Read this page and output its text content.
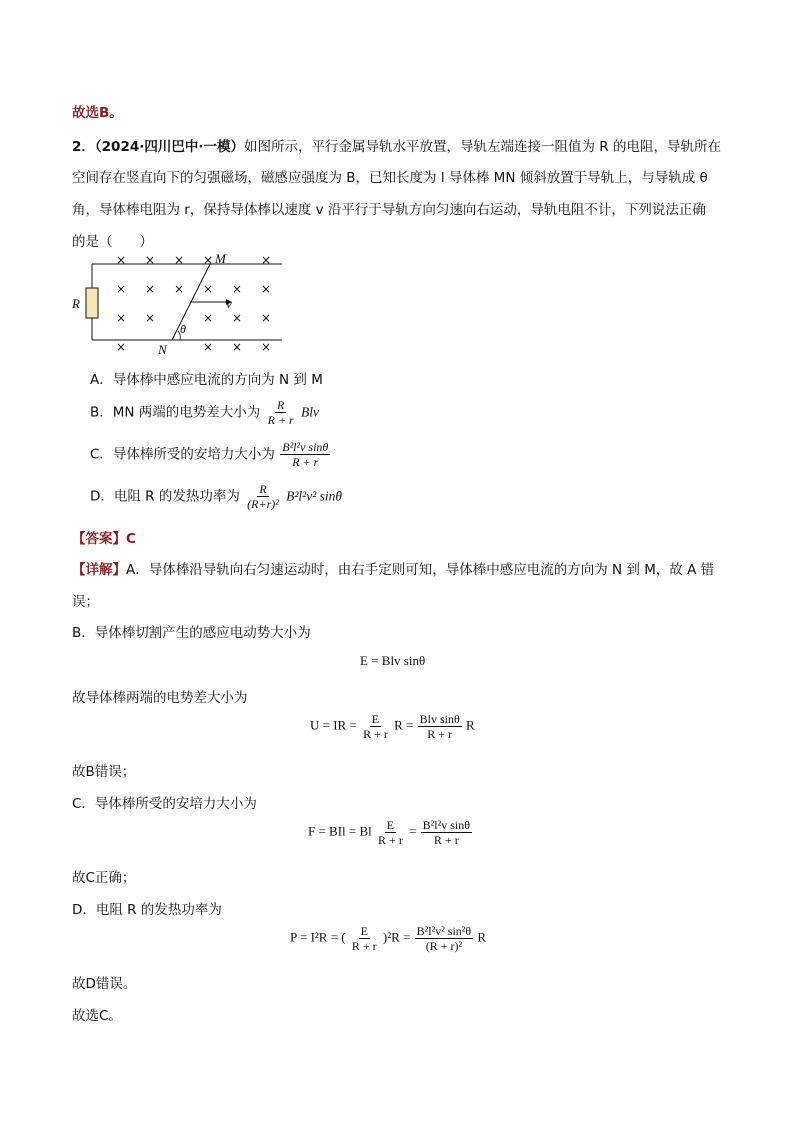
故选B。
2．（2024·四川巴中·一模）如图所示，平行金属导轨水平放置，导轨左端连接一阻值为 R 的电阻，导轨所在
空间存在竖直向下的匀强磁场，磁感应强度为 B，已知长度为 l 导体棒 MN 倾斜放置于导轨上，与导轨成 θ
角，导体棒电阻为 r，保持导体棒以速度 v 沿平行于导轨方向匀速向右运动，导轨电阻不计，下列说法正确
的是（　　）
R
M
N
v
θ
× × × ×	×
× × × × × ×
× ×	× × ×
×	× × ×
A．导体棒中感应电流的方向为 N 到 M
B．MN 两端的电势差大小为 $\frac{R}{R + r}$ Blv
C．导体棒所受的安培力大小为 $\frac{\text{B²l²v sinθ}}{R + r}$
D．电阻 R 的发热功率为 $\frac{R}{\text{(R+r)²}} B^2l^2v^2$ sinθ
【答案】C
【详解】A．导体棒沿导轨向右匀速运动时，由右手定则可知，导体棒中感应电流的方向为 N 到 M，故 A 错
误；
B．导体棒切割产生的感应电动势大小为
E = Blv sinθ
故导体棒两端的电势差大小为
U = IR = $\frac{E}{R + r}$ $R = \frac{\text{Blv sinθ}}{R + r}$ R
故B错误；
C．导体棒所受的安培力大小为
F = BIl = Bl $\frac{E}{R + r} = \frac{\text{B²l²v sinθ}}{R + r}$
故C正确；
D．电阻 R 的发热功率为
P = I²R = ( $\frac{E}{R + r} )^2R = \frac{\text{B²l²v² sin²θ}}{\text{(R + r)²}}$ R
故D错误。
故选C。
